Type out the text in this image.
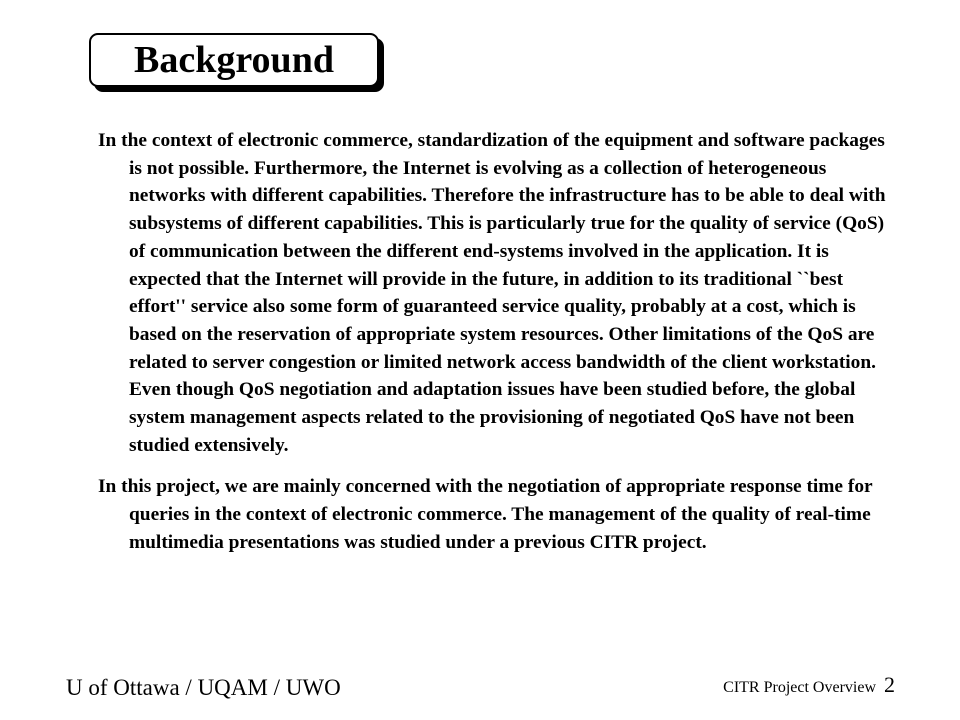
Background

In the context of electronic commerce, standardization of the equipment and software packages is not possible. Furthermore, the Internet is evolving as a collection of heterogeneous networks with different capabilities. Therefore the infrastructure has to be able to deal with subsystems of different capabilities. This is particularly true for the quality of service (QoS) of communication between the different end-systems involved in the application. It is expected that the Internet will provide in the future, in addition to its traditional ``best effort'' service also some form of guaranteed service quality, probably at a cost, which is based on the reservation of appropriate system resources. Other limitations of the QoS are related to server congestion or limited network access bandwidth of the client workstation. Even though QoS negotiation and adaptation issues have been studied before, the global system management aspects related to the provisioning of negotiated QoS have not been studied extensively.

In this project, we are mainly concerned with the negotiation of appropriate response time for queries in the context of electronic commerce. The management of the quality of real-time multimedia presentations was studied under a previous CITR project.

U of Ottawa / UQAM / UWO	CITR Project Overview 2
